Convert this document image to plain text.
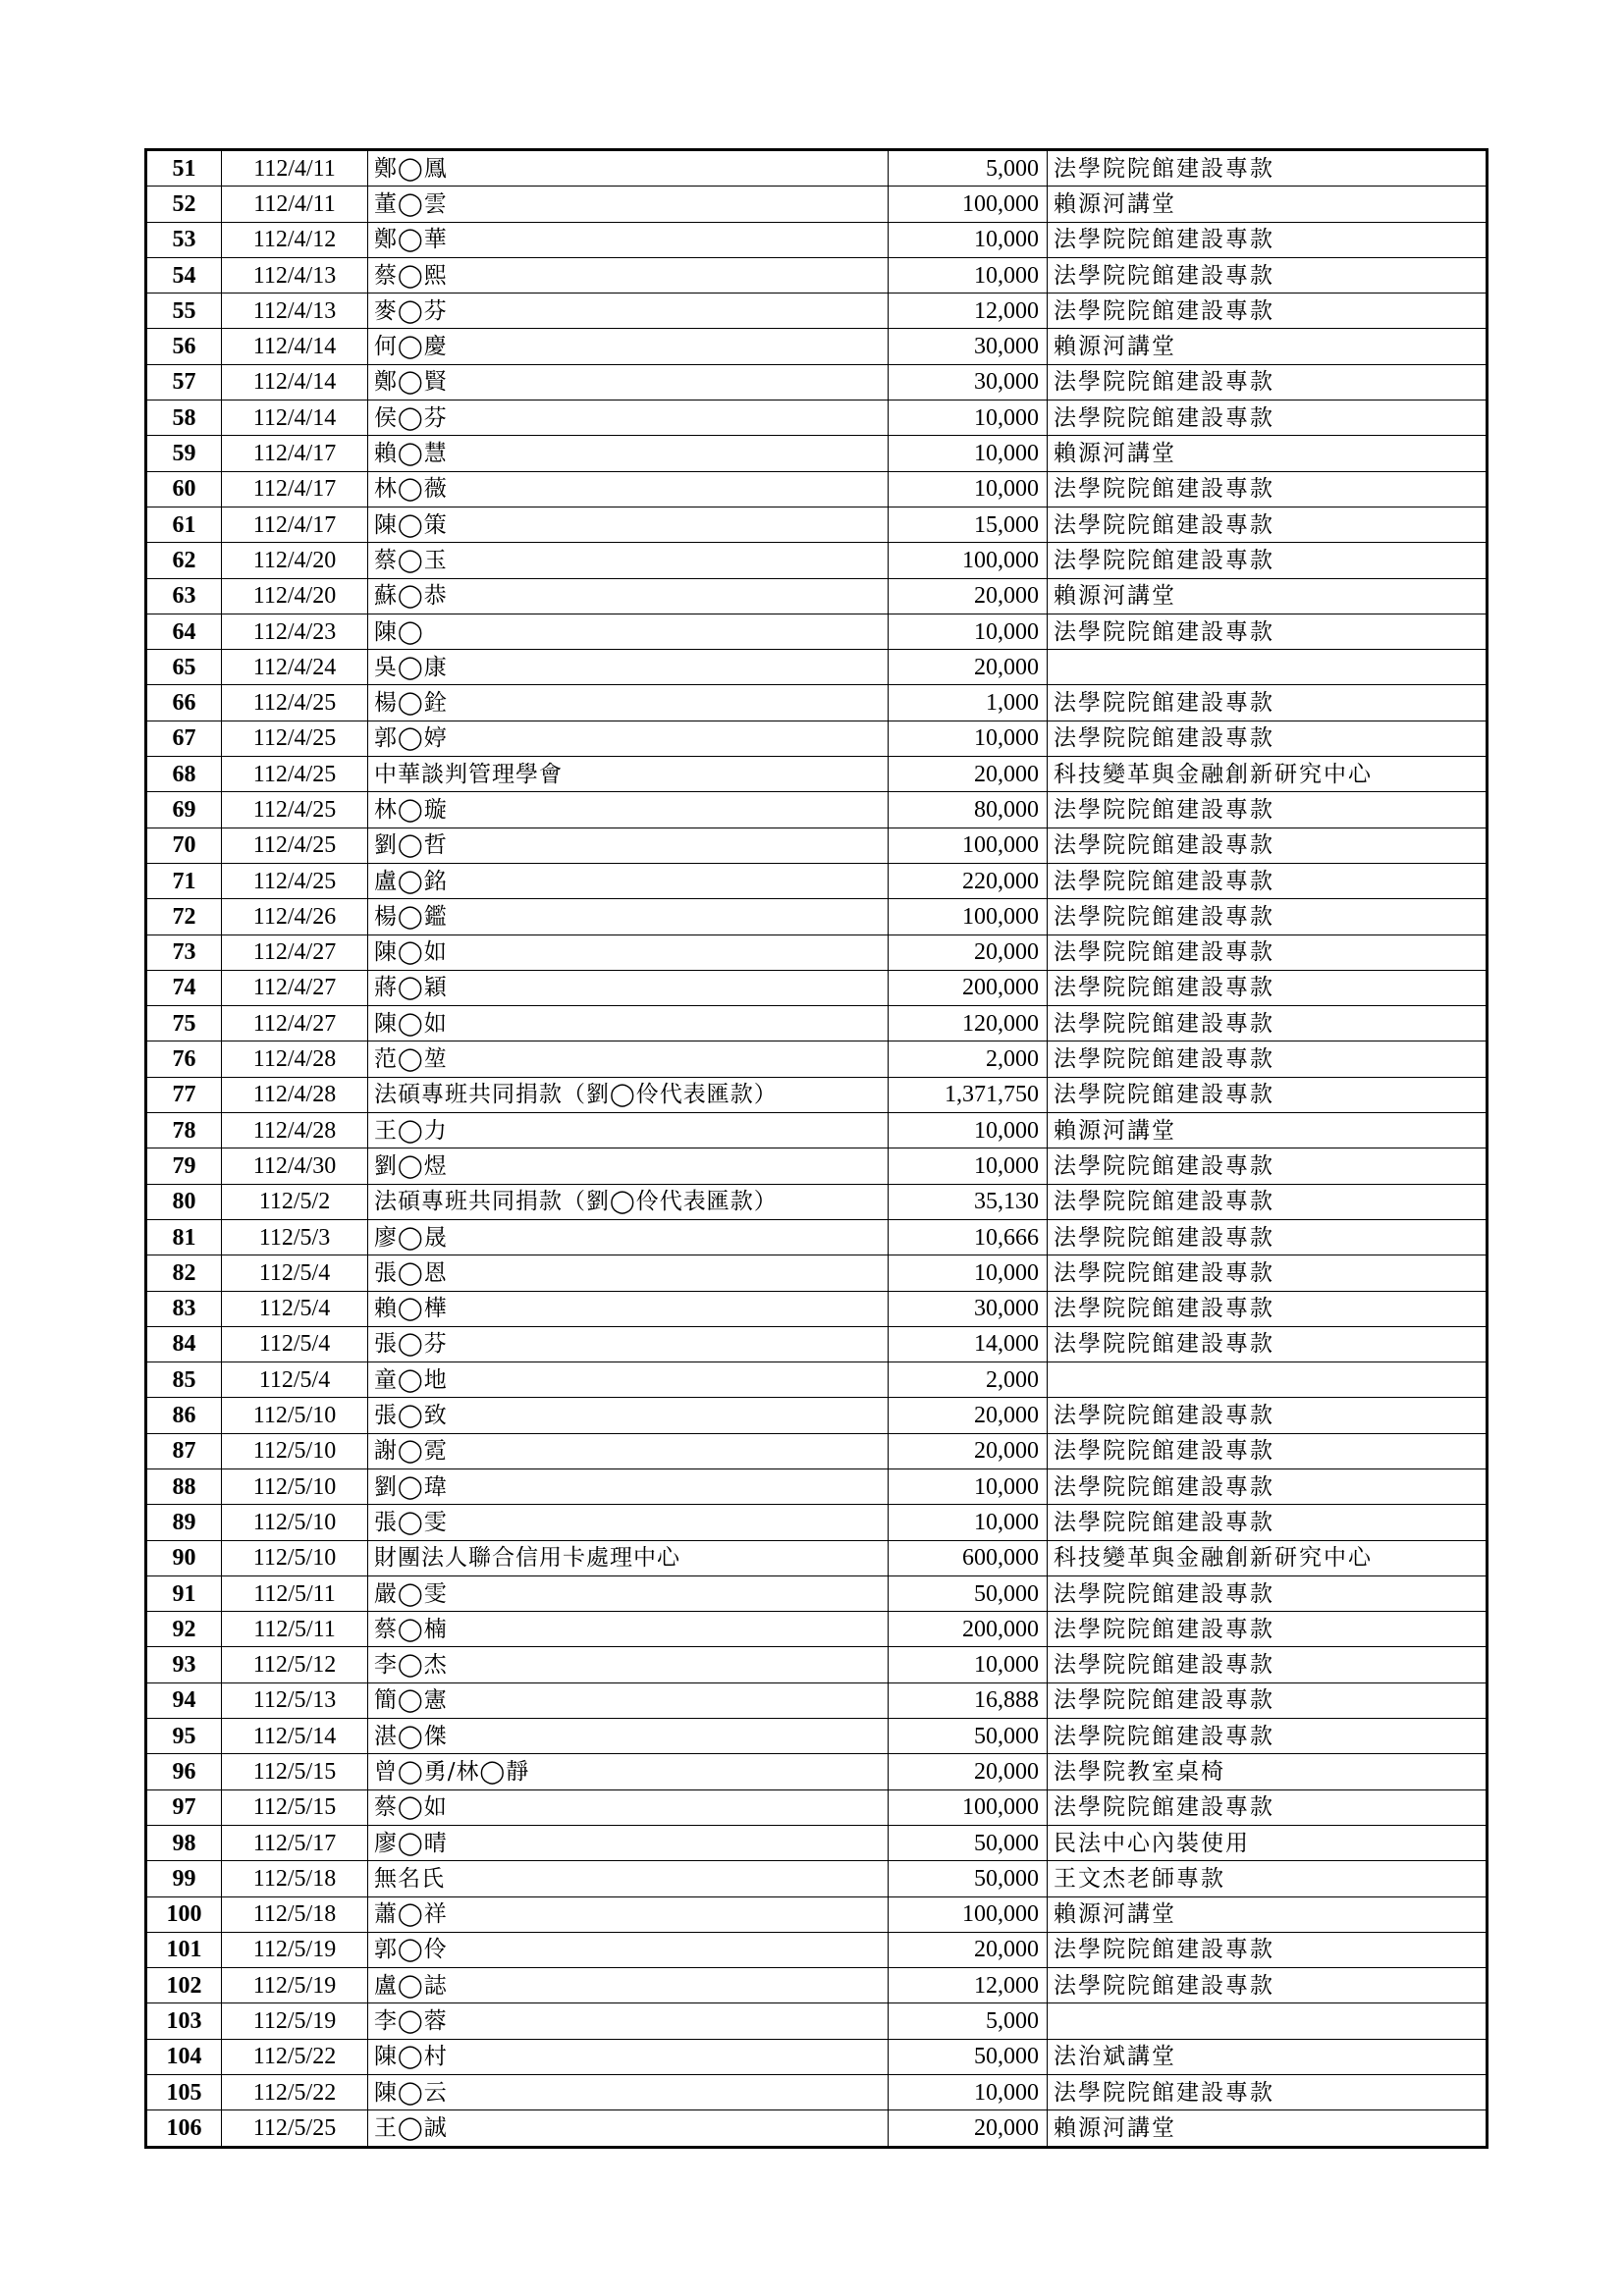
51	112/4/11	鄭◯鳳	5,000	法學院院館建設專款
52	112/4/11	董◯雲	100,000	賴源河講堂
53	112/4/12	鄭◯華	10,000	法學院院館建設專款
54	112/4/13	蔡◯熙	10,000	法學院院館建設專款
55	112/4/13	麥◯芬	12,000	法學院院館建設專款
56	112/4/14	何◯慶	30,000	賴源河講堂
57	112/4/14	鄭◯賢	30,000	法學院院館建設專款
58	112/4/14	侯◯芬	10,000	法學院院館建設專款
59	112/4/17	賴◯慧	10,000	賴源河講堂
60	112/4/17	林◯薇	10,000	法學院院館建設專款
61	112/4/17	陳◯策	15,000	法學院院館建設專款
62	112/4/20	蔡◯玉	100,000	法學院院館建設專款
63	112/4/20	蘇◯恭	20,000	賴源河講堂
64	112/4/23	陳◯	10,000	法學院院館建設專款
65	112/4/24	吳◯康	20,000	
66	112/4/25	楊◯銓	1,000	法學院院館建設專款
67	112/4/25	郭◯婷	10,000	法學院院館建設專款
68	112/4/25	中華談判管理學會	20,000	科技變革與金融創新研究中心
69	112/4/25	林◯璇	80,000	法學院院館建設專款
70	112/4/25	劉◯哲	100,000	法學院院館建設專款
71	112/4/25	盧◯銘	220,000	法學院院館建設專款
72	112/4/26	楊◯鑑	100,000	法學院院館建設專款
73	112/4/27	陳◯如	20,000	法學院院館建設專款
74	112/4/27	蔣◯穎	200,000	法學院院館建設專款
75	112/4/27	陳◯如	120,000	法學院院館建設專款
76	112/4/28	范◯堃	2,000	法學院院館建設專款
77	112/4/28	法碩專班共同捐款（劉◯伶代表匯款）	1,371,750	法學院院館建設專款
78	112/4/28	王◯力	10,000	賴源河講堂
79	112/4/30	劉◯煜	10,000	法學院院館建設專款
80	112/5/2	法碩專班共同捐款（劉◯伶代表匯款）	35,130	法學院院館建設專款
81	112/5/3	廖◯晟	10,666	法學院院館建設專款
82	112/5/4	張◯恩	10,000	法學院院館建設專款
83	112/5/4	賴◯樺	30,000	法學院院館建設專款
84	112/5/4	張◯芬	14,000	法學院院館建設專款
85	112/5/4	童◯地	2,000	
86	112/5/10	張◯致	20,000	法學院院館建設專款
87	112/5/10	謝◯霓	20,000	法學院院館建設專款
88	112/5/10	劉◯瑋	10,000	法學院院館建設專款
89	112/5/10	張◯雯	10,000	法學院院館建設專款
90	112/5/10	財團法人聯合信用卡處理中心	600,000	科技變革與金融創新研究中心
91	112/5/11	嚴◯雯	50,000	法學院院館建設專款
92	112/5/11	蔡◯楠	200,000	法學院院館建設專款
93	112/5/12	李◯杰	10,000	法學院院館建設專款
94	112/5/13	簡◯憲	16,888	法學院院館建設專款
95	112/5/14	湛◯傑	50,000	法學院院館建設專款
96	112/5/15	曾◯勇/林◯靜	20,000	法學院教室桌椅
97	112/5/15	蔡◯如	100,000	法學院院館建設專款
98	112/5/17	廖◯晴	50,000	民法中心內裝使用
99	112/5/18	無名氏	50,000	王文杰老師專款
100	112/5/18	蕭◯祥	100,000	賴源河講堂
101	112/5/19	郭◯伶	20,000	法學院院館建設專款
102	112/5/19	盧◯誌	12,000	法學院院館建設專款
103	112/5/19	李◯蓉	5,000	
104	112/5/22	陳◯村	50,000	法治斌講堂
105	112/5/22	陳◯云	10,000	法學院院館建設專款
106	112/5/25	王◯誠	20,000	賴源河講堂
